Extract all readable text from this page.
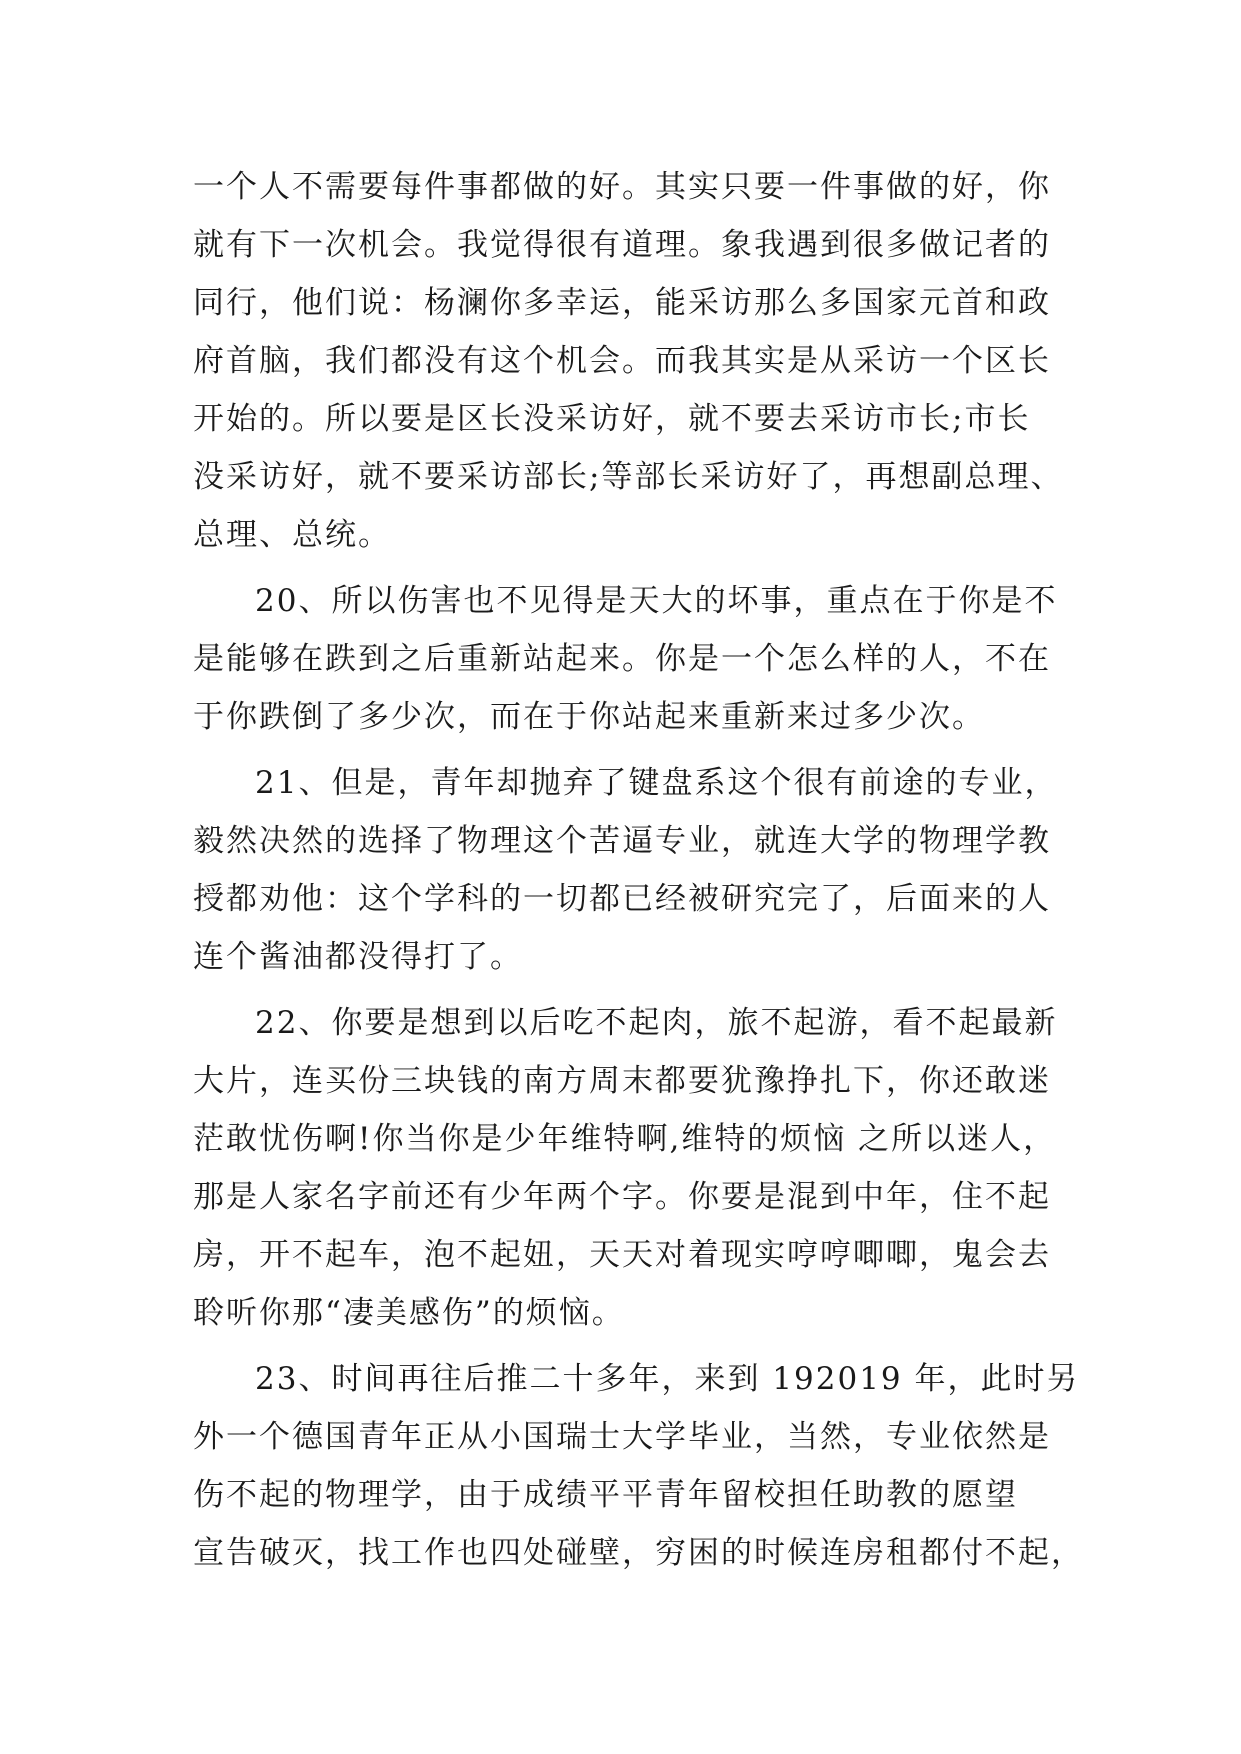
一个人不需要每件事都做的好。其实只要一件事做的好，你
就有下一次机会。我觉得很有道理。象我遇到很多做记者的
同行，他们说：杨澜你多幸运，能采访那么多国家元首和政
府首脑，我们都没有这个机会。而我其实是从采访一个区长
开始的。所以要是区长没采访好，就不要去采访市长;市长
没采访好，就不要采访部长;等部长采访好了，再想副总理、
总理、总统。
20、所以伤害也不见得是天大的坏事，重点在于你是不
是能够在跌到之后重新站起来。你是一个怎么样的人，不在
于你跌倒了多少次，而在于你站起来重新来过多少次。
21、但是，青年却抛弃了键盘系这个很有前途的专业，
毅然决然的选择了物理这个苦逼专业，就连大学的物理学教
授都劝他：这个学科的一切都已经被研究完了，后面来的人
连个酱油都没得打了。
22、你要是想到以后吃不起肉，旅不起游，看不起最新
大片，连买份三块钱的南方周末都要犹豫挣扎下，你还敢迷
茫敢忧伤啊!你当你是少年维特啊,维特的烦恼 之所以迷人，
那是人家名字前还有少年两个字。你要是混到中年，住不起
房，开不起车，泡不起妞，天天对着现实哼哼唧唧，鬼会去
聆听你那“凄美感伤”的烦恼。
23、时间再往后推二十多年，来到 192019 年，此时另
外一个德国青年正从小国瑞士大学毕业，当然，专业依然是
伤不起的物理学，由于成绩平平青年留校担任助教的愿望
宣告破灭，找工作也四处碰壁，穷困的时候连房租都付不起，
